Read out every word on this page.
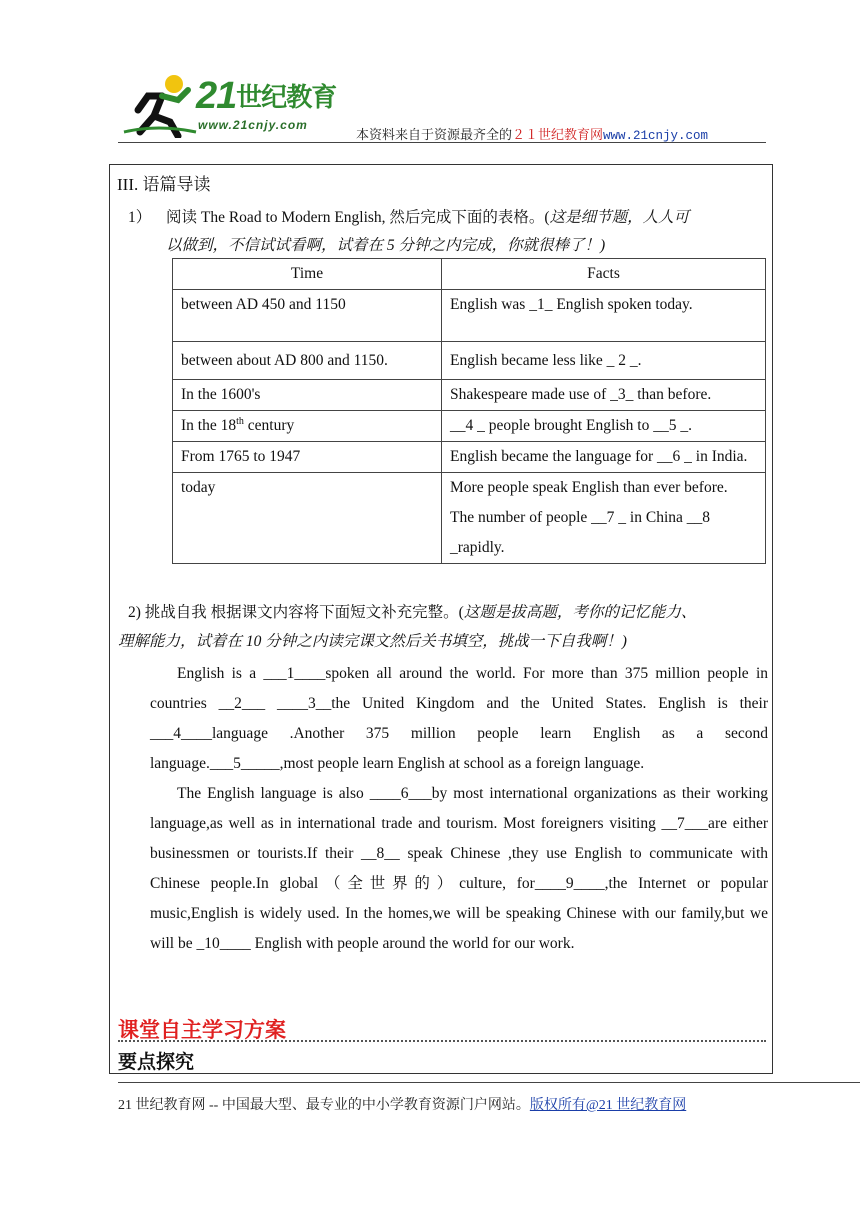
21世纪教育
www.21cnjy.com
本资料来自于资源最齐全的２１世纪教育网www.21cnjy.com
III. 语篇导读
1） 阅读 The Road to Modern English, 然后完成下面的表格。(这是细节题，人人可
以做到，不信试试看啊，试着在 5 分钟之内完成，你就很棒了！)
Time	Facts
between AD 450 and 1150	English was _1_ English spoken today.
between about AD 800 and 1150.	English became less like _ 2 _.
In the 1600's	Shakespeare made use of _3_ than before.
In the 18th century	__4 _ people brought English to __5 _.
From 1765 to 1947	English became the language for __6 _ in India.
today	More people speak English than ever before. The number of people __7 _ in China __8 _rapidly.
2) 挑战自我 根据课文内容将下面短文补充完整。(这题是拔高题，考你的记忆能力、
理解能力，试着在 10 分钟之内读完课文然后关书填空，挑战一下自我啊！)
English is a ___1____spoken all around the world. For more than 375 million people in countries __2___ ____3__the United Kingdom and the United States. English is their ___4____language .Another 375 million people learn English as a second language.___5_____,most people learn English at school as a foreign language.
The English language is also ____6___by most international organizations as their working language,as well as in international trade and tourism. Most foreigners visiting __7___are either businessmen or tourists.If their __8__ speak Chinese ,they use English to communicate with Chinese people.In global（全世界的）culture, for____9____,the Internet or popular music,English is widely used. In the homes,we will be speaking Chinese with our family,but we will be _10____ English with people around the world for our work.
课堂自主学习方案
要点探究
21 世纪教育网 -- 中国最大型、最专业的中小学教育资源门户网站。版权所有@21 世纪教育网
